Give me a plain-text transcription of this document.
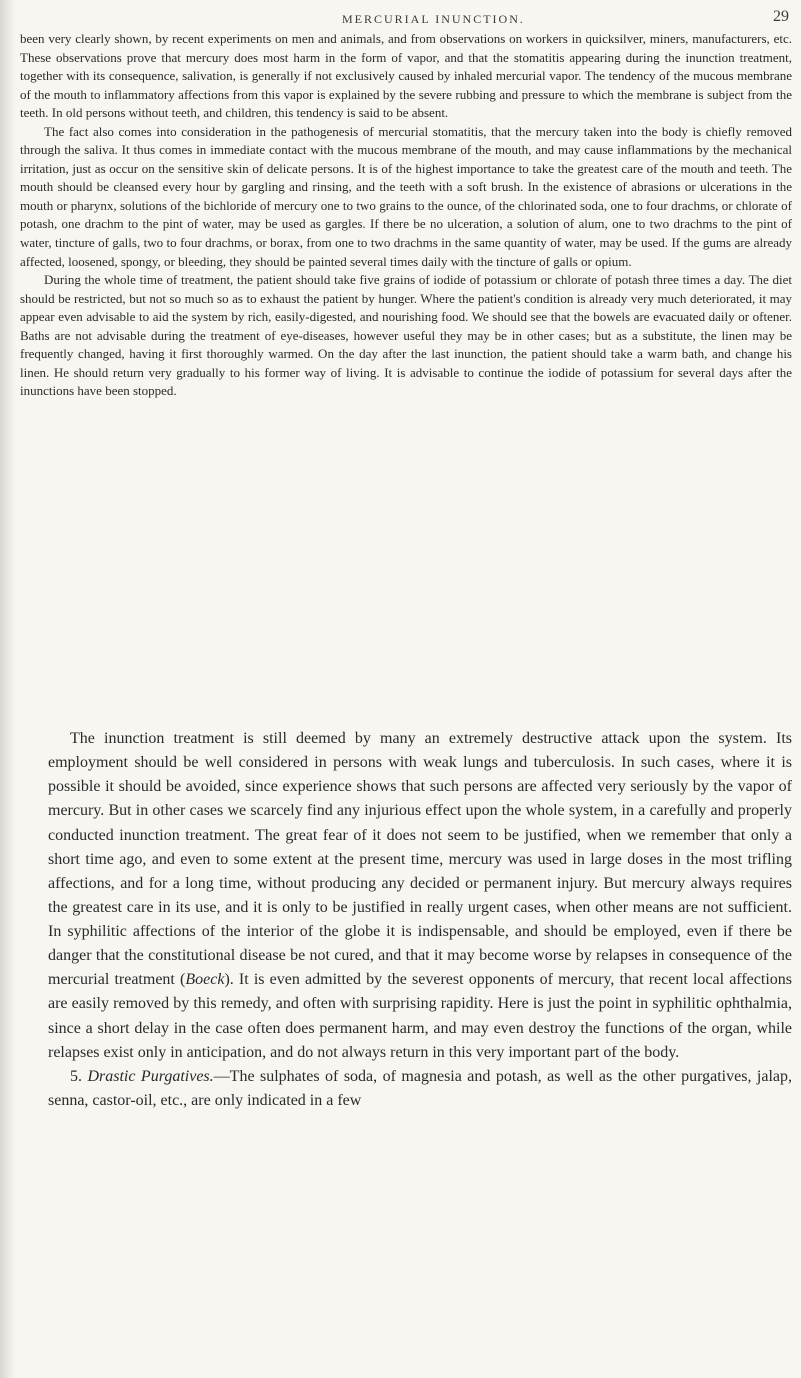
MERCURIAL INUNCTION.	29

been very clearly shown, by recent experiments on men and animals, and from observations on workers in quicksilver, miners, manufacturers, etc. These observations prove that mercury does most harm in the form of vapor, and that the stomatitis appearing during the inunction treatment, together with its consequence, salivation, is generally if not exclusively caused by inhaled mercurial vapor. The tendency of the mucous membrane of the mouth to inflammatory affections from this vapor is explained by the severe rubbing and pressure to which the membrane is subject from the teeth. In old persons without teeth, and children, this tendency is said to be absent.

The fact also comes into consideration in the pathogenesis of mercurial stomatitis, that the mercury taken into the body is chiefly removed through the saliva. It thus comes in immediate contact with the mucous membrane of the mouth, and may cause inflammations by the mechanical irritation, just as occur on the sensitive skin of delicate persons. It is of the highest importance to take the greatest care of the mouth and teeth. The mouth should be cleansed every hour by gargling and rinsing, and the teeth with a soft brush. In the existence of abrasions or ulcerations in the mouth or pharynx, solutions of the bichloride of mercury one to two grains to the ounce, of the chlorinated soda, one to four drachms, or chlorate of potash, one drachm to the pint of water, may be used as gargles. If there be no ulceration, a solution of alum, one to two drachms to the pint of water, tincture of galls, two to four drachms, or borax, from one to two drachms in the same quantity of water, may be used. If the gums are already affected, loosened, spongy, or bleeding, they should be painted several times daily with the tincture of galls or opium.

During the whole time of treatment, the patient should take five grains of iodide of potassium or chlorate of potash three times a day. The diet should be restricted, but not so much so as to exhaust the patient by hunger. Where the patient's condition is already very much deteriorated, it may appear even advisable to aid the system by rich, easily-digested, and nourishing food. We should see that the bowels are evacuated daily or oftener. Baths are not advisable during the treatment of eye-diseases, however useful they may be in other cases; but as a substitute, the linen may be frequently changed, having it first thoroughly warmed. On the day after the last inunction, the patient should take a warm bath, and change his linen. He should return very gradually to his former way of living. It is advisable to continue the iodide of potassium for several days after the inunctions have been stopped.

The inunction treatment is still deemed by many an extremely destructive attack upon the system. Its employment should be well considered in persons with weak lungs and tuberculosis. In such cases, where it is possible it should be avoided, since experience shows that such persons are affected very seriously by the vapor of mercury. But in other cases we scarcely find any injurious effect upon the whole system, in a carefully and properly conducted inunction treatment. The great fear of it does not seem to be justified, when we remember that only a short time ago, and even to some extent at the present time, mercury was used in large doses in the most trifling affections, and for a long time, without producing any decided or permanent injury. But mercury always requires the greatest care in its use, and it is only to be justified in really urgent cases, when other means are not sufficient. In syphilitic affections of the interior of the globe it is indispensable, and should be employed, even if there be danger that the constitutional disease be not cured, and that it may become worse by relapses in consequence of the mercurial treatment (Boeck). It is even admitted by the severest opponents of mercury, that recent local affections are easily removed by this remedy, and often with surprising rapidity. Here is just the point in syphilitic ophthalmia, since a short delay in the case often does permanent harm, and may even destroy the functions of the organ, while relapses exist only in anticipation, and do not always return in this very important part of the body.

5. Drastic Purgatives.—The sulphates of soda, of magnesia and potash, as well as the other purgatives, jalap, senna, castor-oil, etc., are only indicated in a few
